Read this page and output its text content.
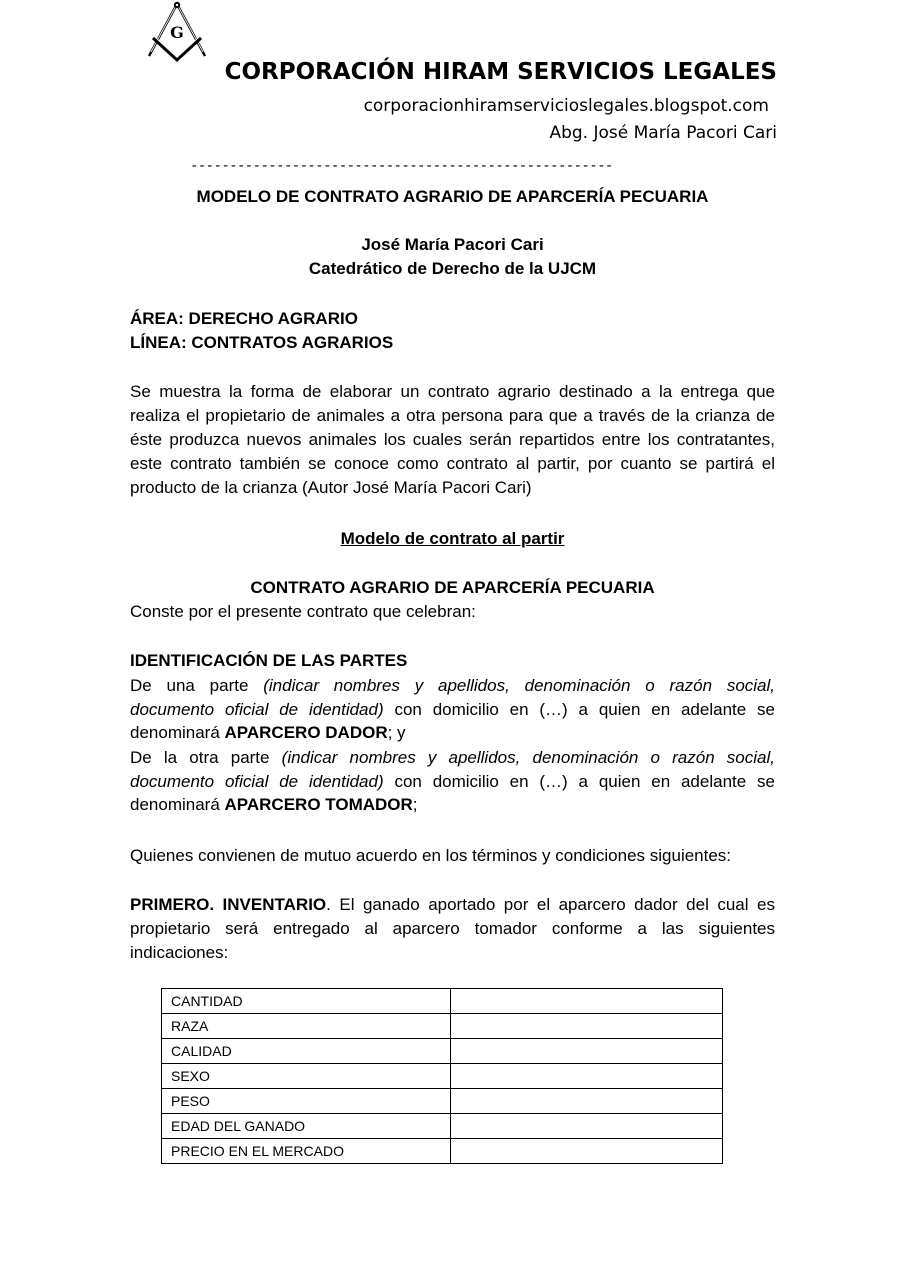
G
CORPORACIÓN HIRAM SERVICIOS LEGALES
corporacionhiramservicioslegales.blogspot.com
Abg. José María Pacori Cari
------------------------------------------------------
MODELO DE CONTRATO AGRARIO DE APARCERÍA PECUARIA
José María Pacori Cari
Catedrático de Derecho de la UJCM
ÁREA: DERECHO AGRARIO
LÍNEA: CONTRATOS AGRARIOS
Se muestra la forma de elaborar un contrato agrario destinado a la entrega que realiza el propietario de animales a otra persona para que a través de la crianza de éste produzca nuevos animales los cuales serán repartidos entre los contratantes, este contrato también se conoce como contrato al partir, por cuanto se partirá el producto de la crianza (Autor José María Pacori Cari)
Modelo de contrato al partir
CONTRATO AGRARIO DE APARCERÍA PECUARIA
Conste por el presente contrato que celebran:
IDENTIFICACIÓN DE LAS PARTES
De una parte (indicar nombres y apellidos, denominación o razón social,
documento oficial de identidad) con domicilio en (…) a quien en adelante se
denominará APARCERO DADOR; y
De la otra parte (indicar nombres y apellidos, denominación o razón social,
documento oficial de identidad) con domicilio en (…) a quien en adelante se
denominará APARCERO TOMADOR;
Quienes convienen de mutuo acuerdo en los términos y condiciones siguientes:
PRIMERO. INVENTARIO. El ganado aportado por el aparcero dador del cual es propietario será entregado al aparcero tomador conforme a las siguientes indicaciones:
CANTIDAD	
RAZA	
CALIDAD	
SEXO	
PESO	
EDAD DEL GANADO	
PRECIO EN EL MERCADO	
